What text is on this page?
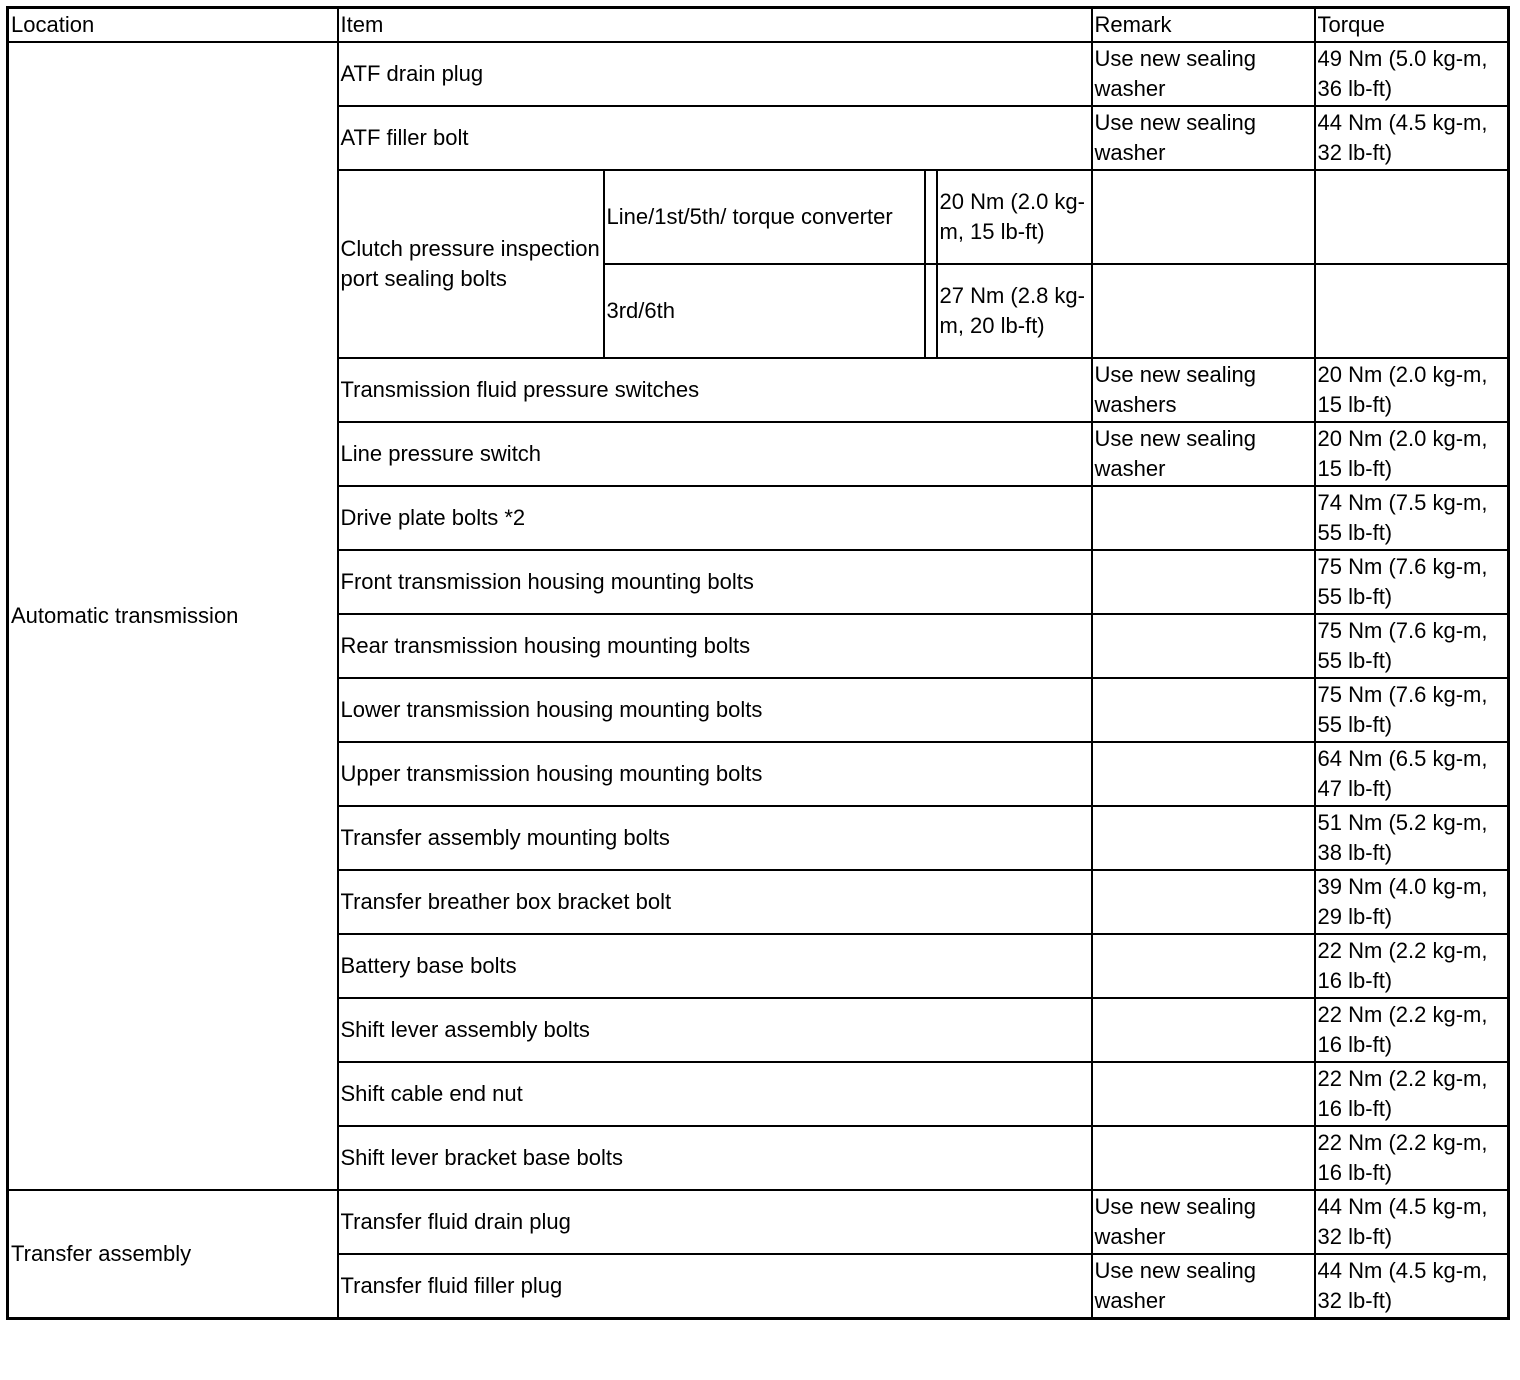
Location	Item				Remark	Torque
Automatic transmission	ATF drain plug				Use new sealing washer	49 Nm (5.0 kg-m, 36 lb-ft)
	ATF filler bolt				Use new sealing washer	44 Nm (4.5 kg-m, 32 lb-ft)
	Clutch pressure inspection port sealing bolts	Line/1st/5th/ torque converter		20 Nm (2.0 kg-m, 15 lb-ft)		
		3rd/6th		27 Nm (2.8 kg-m, 20 lb-ft)		
	Transmission fluid pressure switches				Use new sealing washers	20 Nm (2.0 kg-m, 15 lb-ft)
	Line pressure switch				Use new sealing washer	20 Nm (2.0 kg-m, 15 lb-ft)
	Drive plate bolts *2					74 Nm (7.5 kg-m, 55 lb-ft)
	Front transmission housing mounting bolts					75 Nm (7.6 kg-m, 55 lb-ft)
	Rear transmission housing mounting bolts					75 Nm (7.6 kg-m, 55 lb-ft)
	Lower transmission housing mounting bolts					75 Nm (7.6 kg-m, 55 lb-ft)
	Upper transmission housing mounting bolts					64 Nm (6.5 kg-m, 47 lb-ft)
	Transfer assembly mounting bolts					51 Nm (5.2 kg-m, 38 lb-ft)
	Transfer breather box bracket bolt					39 Nm (4.0 kg-m, 29 lb-ft)
	Battery base bolts					22 Nm (2.2 kg-m, 16 lb-ft)
	Shift lever assembly bolts					22 Nm (2.2 kg-m, 16 lb-ft)
	Shift cable end nut					22 Nm (2.2 kg-m, 16 lb-ft)
	Shift lever bracket base bolts					22 Nm (2.2 kg-m, 16 lb-ft)
Transfer assembly	Transfer fluid drain plug				Use new sealing washer	44 Nm (4.5 kg-m, 32 lb-ft)
	Transfer fluid filler plug				Use new sealing washer	44 Nm (4.5 kg-m, 32 lb-ft)
